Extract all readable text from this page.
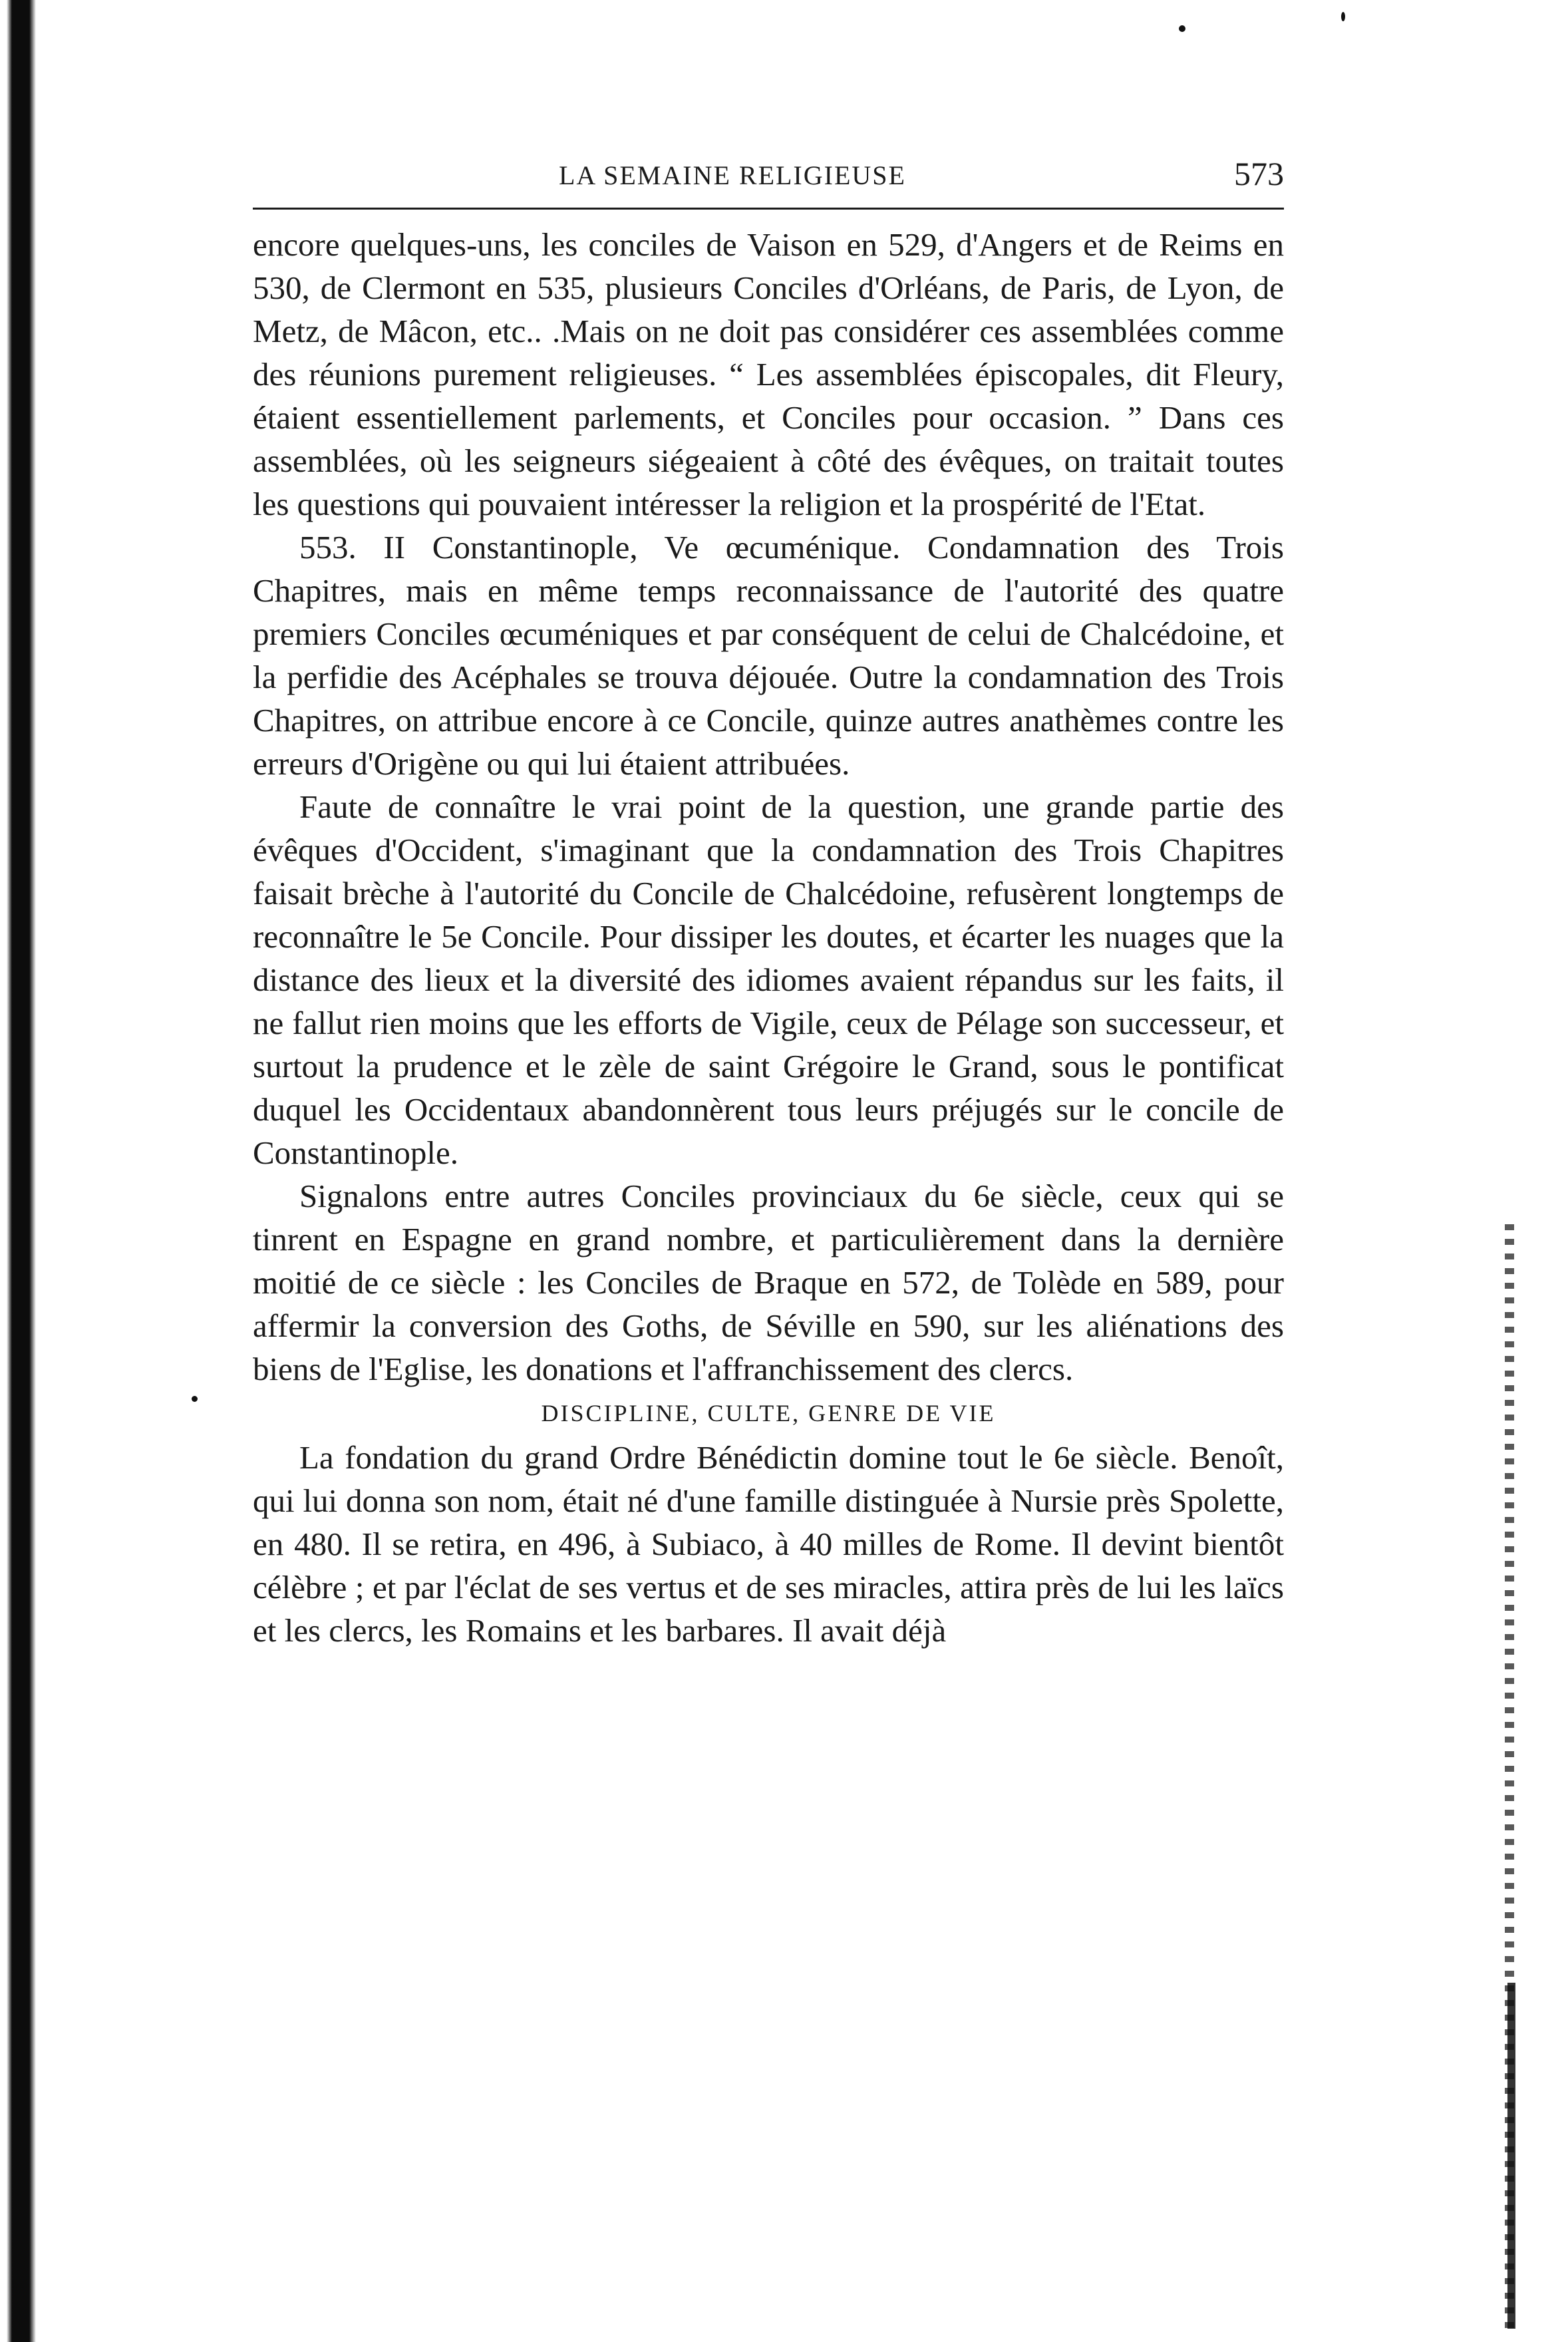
LA SEMAINE RELIGIEUSE	573

encore quelques-uns, les conciles de Vaison en 529, d'Angers et de Reims en 530, de Clermont en 535, plusieurs Conciles d'Orléans, de Paris, de Lyon, de Metz, de Mâcon, etc.. .Mais on ne doit pas considérer ces assemblées comme des réunions purement religieuses. “ Les assemblées épiscopales, dit Fleury, étaient essentiellement parlements, et Conciles pour occasion. ” Dans ces assemblées, où les seigneurs siégeaient à côté des évêques, on traitait toutes les questions qui pouvaient intéresser la religion et la prospérité de l'Etat.

553. II Constantinople, Ve œcuménique. Condamnation des Trois Chapitres, mais en même temps reconnaissance de l'autorité des quatre premiers Conciles œcuméniques et par conséquent de celui de Chalcédoine, et la perfidie des Acéphales se trouva déjouée. Outre la condamnation des Trois Chapitres, on attribue encore à ce Concile, quinze autres anathèmes contre les erreurs d'Origène ou qui lui étaient attribuées.

Faute de connaître le vrai point de la question, une grande partie des évêques d'Occident, s'imaginant que la condamnation des Trois Chapitres faisait brèche à l'autorité du Concile de Chalcédoine, refusèrent longtemps de reconnaître le 5e Concile. Pour dissiper les doutes, et écarter les nuages que la distance des lieux et la diversité des idiomes avaient répandus sur les faits, il ne fallut rien moins que les efforts de Vigile, ceux de Pélage son successeur, et surtout la prudence et le zèle de saint Grégoire le Grand, sous le pontificat duquel les Occidentaux abandonnèrent tous leurs préjugés sur le concile de Constantinople.

Signalons entre autres Conciles provinciaux du 6e siècle, ceux qui se tinrent en Espagne en grand nombre, et particulièrement dans la dernière moitié de ce siècle : les Conciles de Braque en 572, de Tolède en 589, pour affermir la conversion des Goths, de Séville en 590, sur les aliénations des biens de l'Eglise, les donations et l'affranchissement des clercs.

DISCIPLINE, CULTE, GENRE DE VIE

La fondation du grand Ordre Bénédictin domine tout le 6e siècle. Benoît, qui lui donna son nom, était né d'une famille distinguée à Nursie près Spolette, en 480. Il se retira, en 496, à Subiaco, à 40 milles de Rome. Il devint bientôt célèbre ; et par l'éclat de ses vertus et de ses miracles, attira près de lui les laïcs et les clercs, les Romains et les barbares. Il avait déjà
